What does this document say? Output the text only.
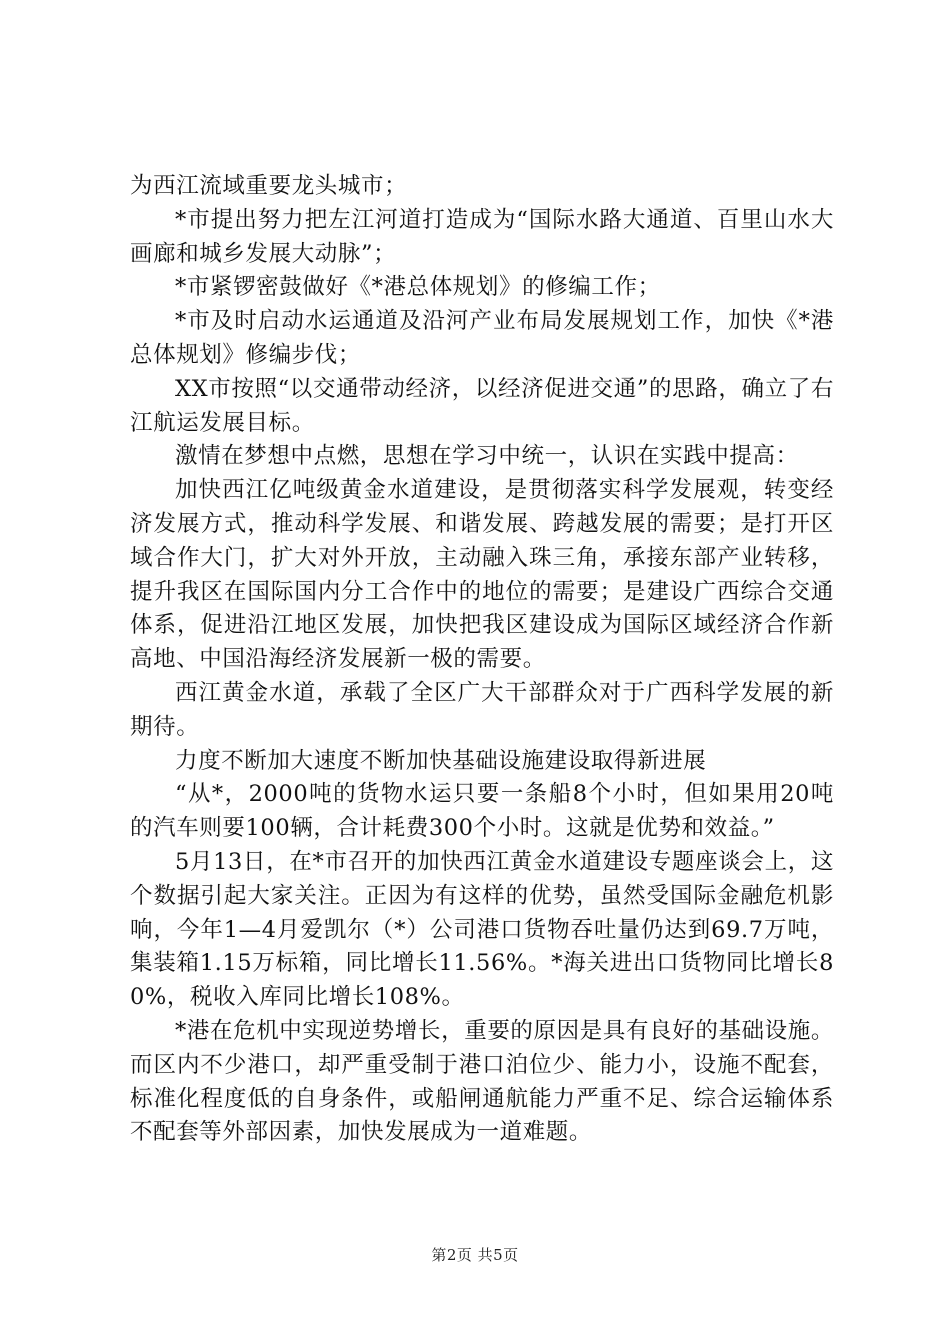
为西江流域重要龙头城市；

*市提出努力把左江河道打造成为“国际水路大通道、百里山水大画廊和城乡发展大动脉”；

*市紧锣密鼓做好《*港总体规划》的修编工作；

*市及时启动水运通道及沿河产业布局发展规划工作，加快《*港总体规划》修编步伐；

XX市按照“以交通带动经济，以经济促进交通”的思路，确立了右江航运发展目标。

激情在梦想中点燃，思想在学习中统一，认识在实践中提高：

加快西江亿吨级黄金水道建设，是贯彻落实科学发展观，转变经济发展方式，推动科学发展、和谐发展、跨越发展的需要；是打开区域合作大门，扩大对外开放，主动融入珠三角，承接东部产业转移，提升我区在国际国内分工合作中的地位的需要；是建设广西综合交通体系，促进沿江地区发展，加快把我区建设成为国际区域经济合作新高地、中国沿海经济发展新一极的需要。

西江黄金水道，承载了全区广大干部群众对于广西科学发展的新期待。

力度不断加大速度不断加快基础设施建设取得新进展

“从*，2000吨的货物水运只要一条船8个小时，但如果用20吨的汽车则要100辆，合计耗费300个小时。这就是优势和效益。”

5月13日，在*市召开的加快西江黄金水道建设专题座谈会上，这个数据引起大家关注。正因为有这样的优势，虽然受国际金融危机影响，今年1—4月爱凯尔（*）公司港口货物吞吐量仍达到69.7万吨，集装箱1.15万标箱，同比增长11.56%。*海关进出口货物同比增长80%，税收入库同比增长108%。

*港在危机中实现逆势增长，重要的原因是具有良好的基础设施。而区内不少港口，却严重受制于港口泊位少、能力小，设施不配套，标准化程度低的自身条件，或船闸通航能力严重不足、综合运输体系不配套等外部因素，加快发展成为一道难题。

第2页 共5页
